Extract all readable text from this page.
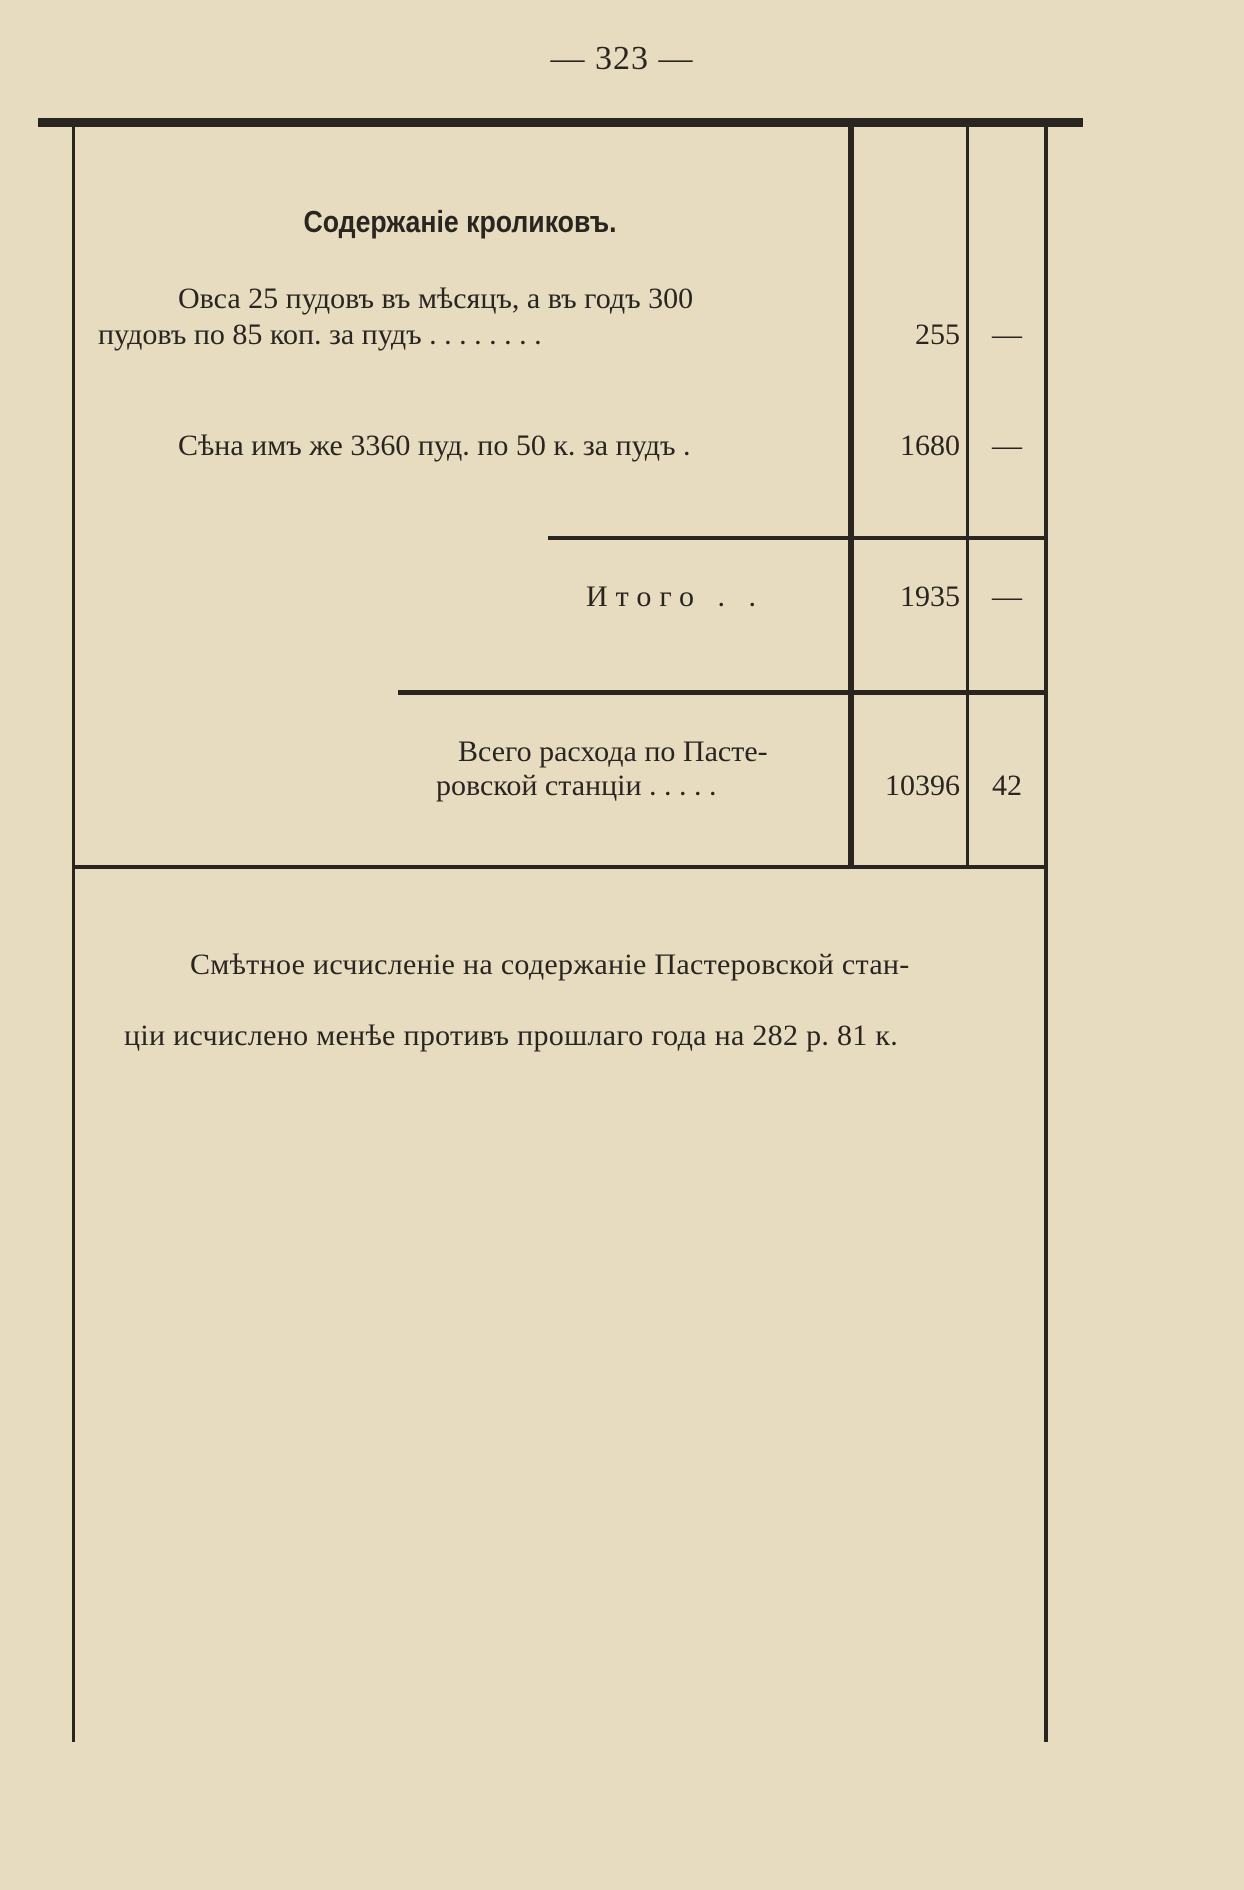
— 323 —
Содержаніе кроликовъ.
Овса 25 пудовъ въ мѣсяцъ, а въ годъ 300
пудовъ по 85 коп. за пудъ . . . . . . . .	255	—
Сѣна имъ же 3360 пуд. по 50 к. за пудъ .	1680	—
Итого . .	1935	—
Всего расхода по Пасте-
ровской станціи . . . . .	10396	42
Смѣтное исчисленіе на содержаніе Пастеровской стан-
ціи исчислено менѣе противъ прошлаго года на 282 р. 81 к.
